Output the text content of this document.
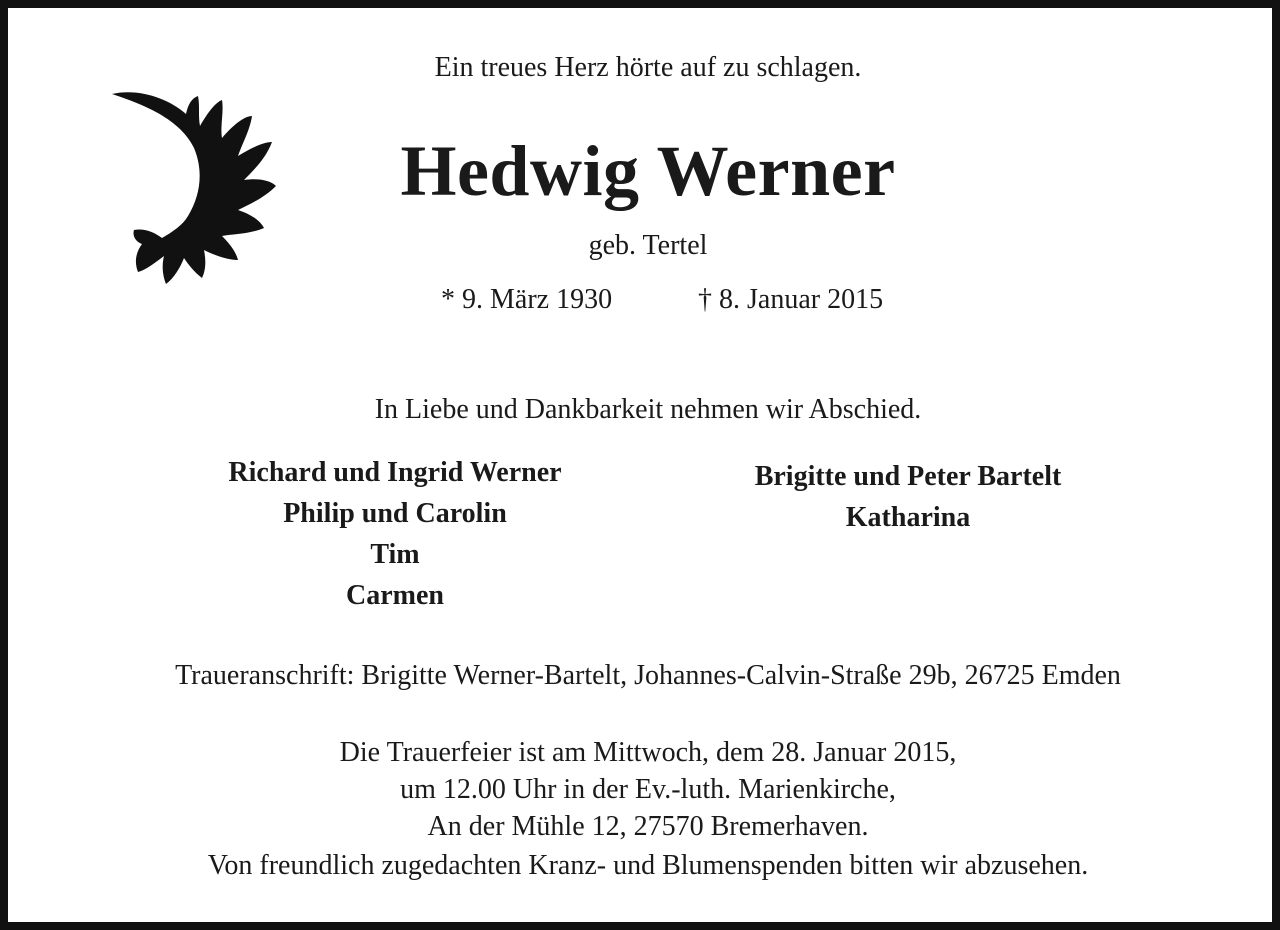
Ein treues Herz hörte auf zu schlagen.
Hedwig Werner
geb. Tertel
* 9. März 1930	† 8. Januar 2015
In Liebe und Dankbarkeit nehmen wir Abschied.
Richard und Ingrid Werner
Philip und Carolin
Tim
Carmen
Brigitte und Peter Bartelt
Katharina
Traueranschrift: Brigitte Werner-Bartelt, Johannes-Calvin-Straße 29b, 26725 Emden
Die Trauerfeier ist am Mittwoch, dem 28. Januar 2015,
um 12.00 Uhr in der Ev.-luth. Marienkirche,
An der Mühle 12, 27570 Bremerhaven.
Von freundlich zugedachten Kranz- und Blumenspenden bitten wir abzusehen.
